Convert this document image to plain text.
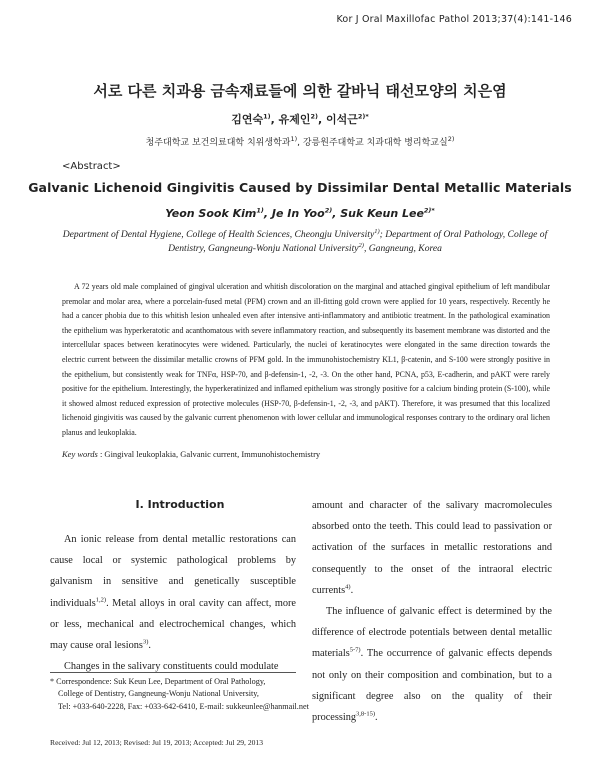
Kor J Oral Maxillofac Pathol 2013;37(4):141-146
서로 다른 치과용 금속재료들에 의한 갈바닉 태선모양의 치은염
김연숙$^{1)}$, 유제인$^{2)}$, 이석근$^{2)*}$
청주대학교 보건의료대학 치위생학과$^{1)}$, 강릉원주대학교 치과대학 병리학교실$^{2)}$
<Abstract>
Galvanic Lichenoid Gingivitis Caused by Dissimilar Dental Metallic Materials
Yeon Sook Kim$^{1)}$, Je In Yoo$^{2)}$, Suk Keun Lee$^{2)*}$
Department of Dental Hygiene, College of Health Sciences, Cheongju University$^{1)}$; Department of Oral Pathology, College of
Dentistry, Gangneung-Wonju National University$^{2)}$, Gangneung, Korea

A 72 years old male complained of gingival ulceration and whitish discoloration on the marginal and attached gingival epithelium of left mandibular premolar and molar area, where a porcelain-fused metal (PFM) crown and an ill-fitting gold crown were applied for 10 years, respectively. Recently he had a cancer phobia due to this whitish lesion unhealed even after intensive anti-inflammatory and antibiotic treatment. In the pathological examination the epithelium was hyperkeratotic and acanthomatous with severe inflammatory reaction, and subsequently its basement membrane was distorted and the intercellular spaces between keratinocytes were widened. Particularly, the nuclei of keratinocytes were elongated in the same direction towards the electric current between the dissimilar metallic crowns of PFM gold. In the immunohistochemistry KL1, β-catenin, and S-100 were strongly positive in the epithelium, but consistently weak for TNFα, HSP-70, and β-defensin-1, -2, -3. On the other hand, PCNA, p53, E-cadherin, and pAKT were rarely positive for the epithelium. Interestingly, the hyperkeratinized and inflamed epithelium was strongly positive for a calcium binding protein (S-100), while it showed almost reduced expression of protective molecules (HSP-70, β-defensin-1, -2, -3, and pAKT). Therefore, it was presumed that this localized lichenoid gingivitis was caused by the galvanic current phenomenon with lower cellular and immunological responses contrary to the ordinary oral lichen planus and leukoplakia.

Key words : Gingival leukoplakia, Galvanic current, Immunohistochemistry
Ⅰ. Introduction

An ionic release from dental metallic restorations can cause local or systemic pathological problems by galvanism in sensitive and genetically susceptible individuals$^{1,2)}$. Metal alloys in oral cavity can affect, more or less, mechanical and electrochemical changes, which may cause oral lesions$^{3)}$.

Changes in the salivary constituents could modulate

amount and character of the salivary macromolecules absorbed onto the teeth. This could lead to passivation or activation of the surfaces in metallic restorations and consequently to the onset of the intraoral electric currents$^{4)}$.

The influence of galvanic effect is determined by the difference of electrode potentials between dental metallic materials$^{5-7)}$. The occurrence of galvanic effects depends not only on their composition and combination, but to a significant degree also on the quality of their processing$^{3,8-15)}$.

* Correspondence: Suk Keun Lee, Department of Oral Pathology,
College of Dentistry, Gangneung-Wonju National University,
Tel: +033-640-2228, Fax: +033-642-6410, E-mail: sukkeunlee@hanmail.net
Received: Jul 12, 2013; Revised: Jul 19, 2013; Accepted: Jul 29, 2013
